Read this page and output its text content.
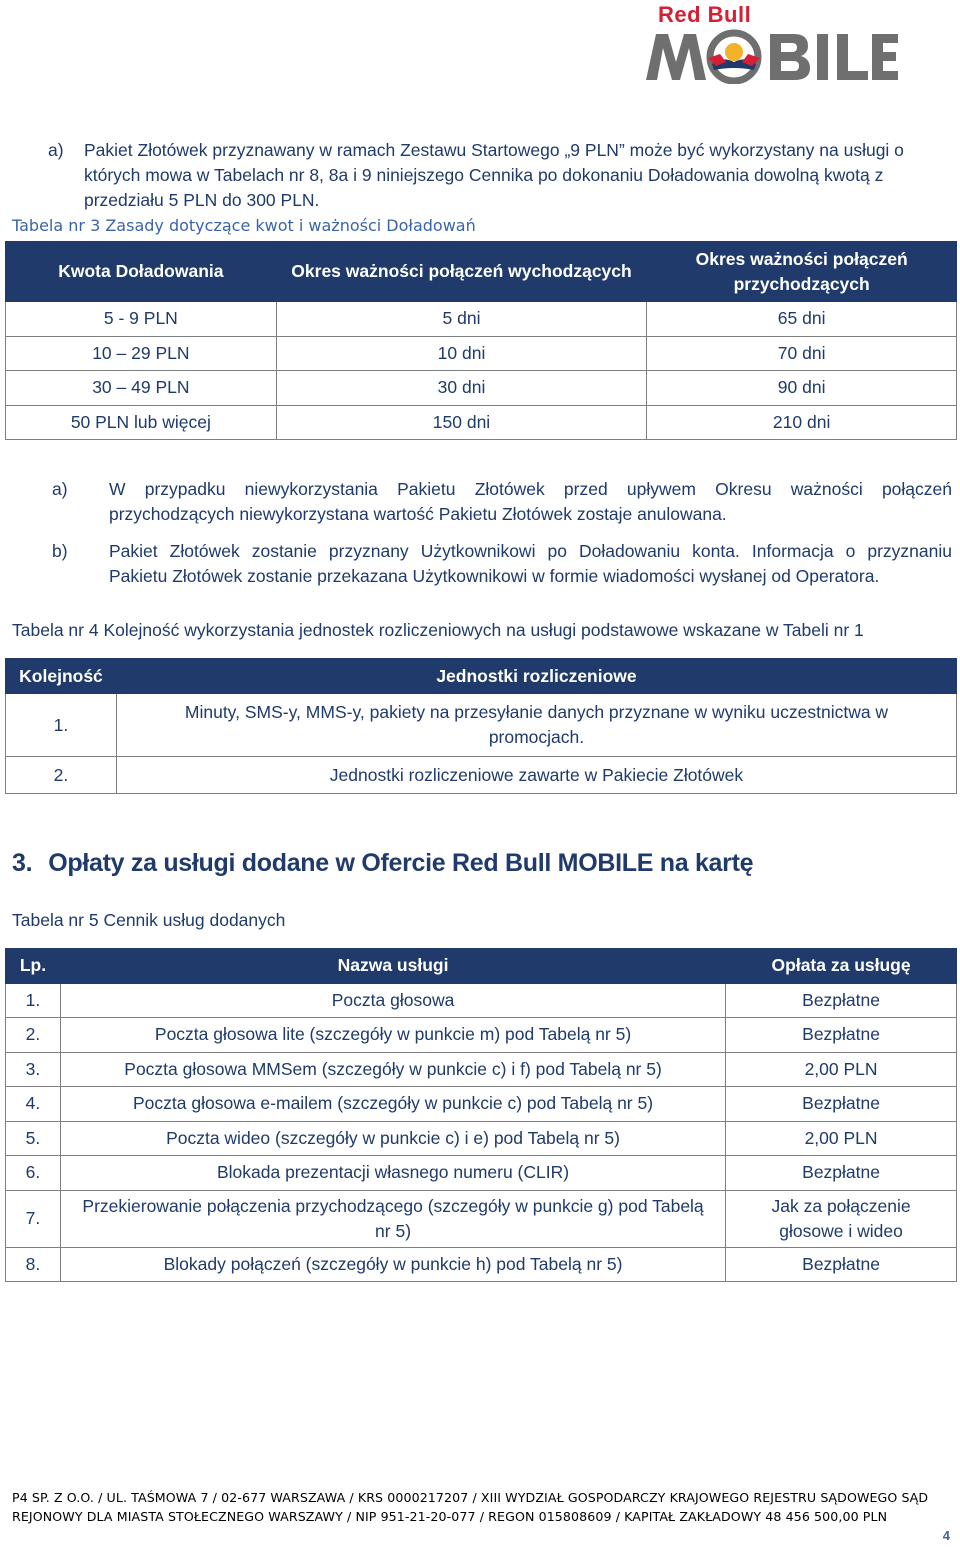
Red Bull
a) Pakiet Złotówek przyznawany w ramach Zestawu Startowego „9 PLN” może być wykorzystany na usługi o
których mowa w Tabelach nr 8, 8a i 9 niniejszego Cennika po dokonaniu Doładowania dowolną kwotą z
przedziału 5 PLN do 300 PLN.
Tabela nr 3 Zasady dotyczące kwot i ważności Doładowań
Kwota Doładowania	Okres ważności połączeń wychodzących	Okres ważności połączeń przychodzących
5 - 9 PLN	5 dni	65 dni
10 – 29 PLN	10 dni	70 dni
30 – 49 PLN	30 dni	90 dni
50 PLN lub więcej	150 dni	210 dni
a) W przypadku niewykorzystania Pakietu Złotówek przed upływem Okresu ważności połączeń
przychodzących niewykorzystana wartość Pakietu Złotówek zostaje anulowana.
b) Pakiet Złotówek zostanie przyznany Użytkownikowi po Doładowaniu konta. Informacja o przyznaniu
Pakietu Złotówek zostanie przekazana Użytkownikowi w formie wiadomości wysłanej od Operatora.
Tabela nr 4 Kolejność wykorzystania jednostek rozliczeniowych na usługi podstawowe wskazane w Tabeli nr 1
Kolejność	Jednostki rozliczeniowe
1.	Minuty, SMS-y, MMS-y, pakiety na przesyłanie danych przyznane w wyniku uczestnictwa w promocjach.
2.	Jednostki rozliczeniowe zawarte w Pakiecie Złotówek
3. Opłaty za usługi dodane w Ofercie Red Bull MOBILE na kartę
Tabela nr 5 Cennik usług dodanych
Lp.	Nazwa usługi	Opłata za usługę
1.	Poczta głosowa	Bezpłatne
2.	Poczta głosowa lite (szczegóły w punkcie m) pod Tabelą nr 5)	Bezpłatne
3.	Poczta głosowa MMSem (szczegóły w punkcie c) i f) pod Tabelą nr 5)	2,00 PLN
4.	Poczta głosowa e-mailem (szczegóły w punkcie c) pod Tabelą nr 5)	Bezpłatne
5.	Poczta wideo (szczegóły w punkcie c) i e) pod Tabelą nr 5)	2,00 PLN
6.	Blokada prezentacji własnego numeru (CLIR)	Bezpłatne
7.	Przekierowanie połączenia przychodzącego (szczegóły w punkcie g) pod Tabelą nr 5)	Jak za połączenie głosowe i wideo
8.	Blokady połączeń (szczegóły w punkcie h) pod Tabelą nr 5)	Bezpłatne
P4 SP. Z O.O. / UL. TAŚMOWA 7 / 02-677 WARSZAWA / KRS 0000217207 / XIII WYDZIAŁ GOSPODARCZY KRAJOWEGO REJESTRU SĄDOWEGO SĄD
REJONOWY DLA MIASTA STOŁECZNEGO WARSZAWY / NIP 951-21-20-077 / REGON 015808609 / KAPITAŁ ZAKŁADOWY 48 456 500,00 PLN
4
